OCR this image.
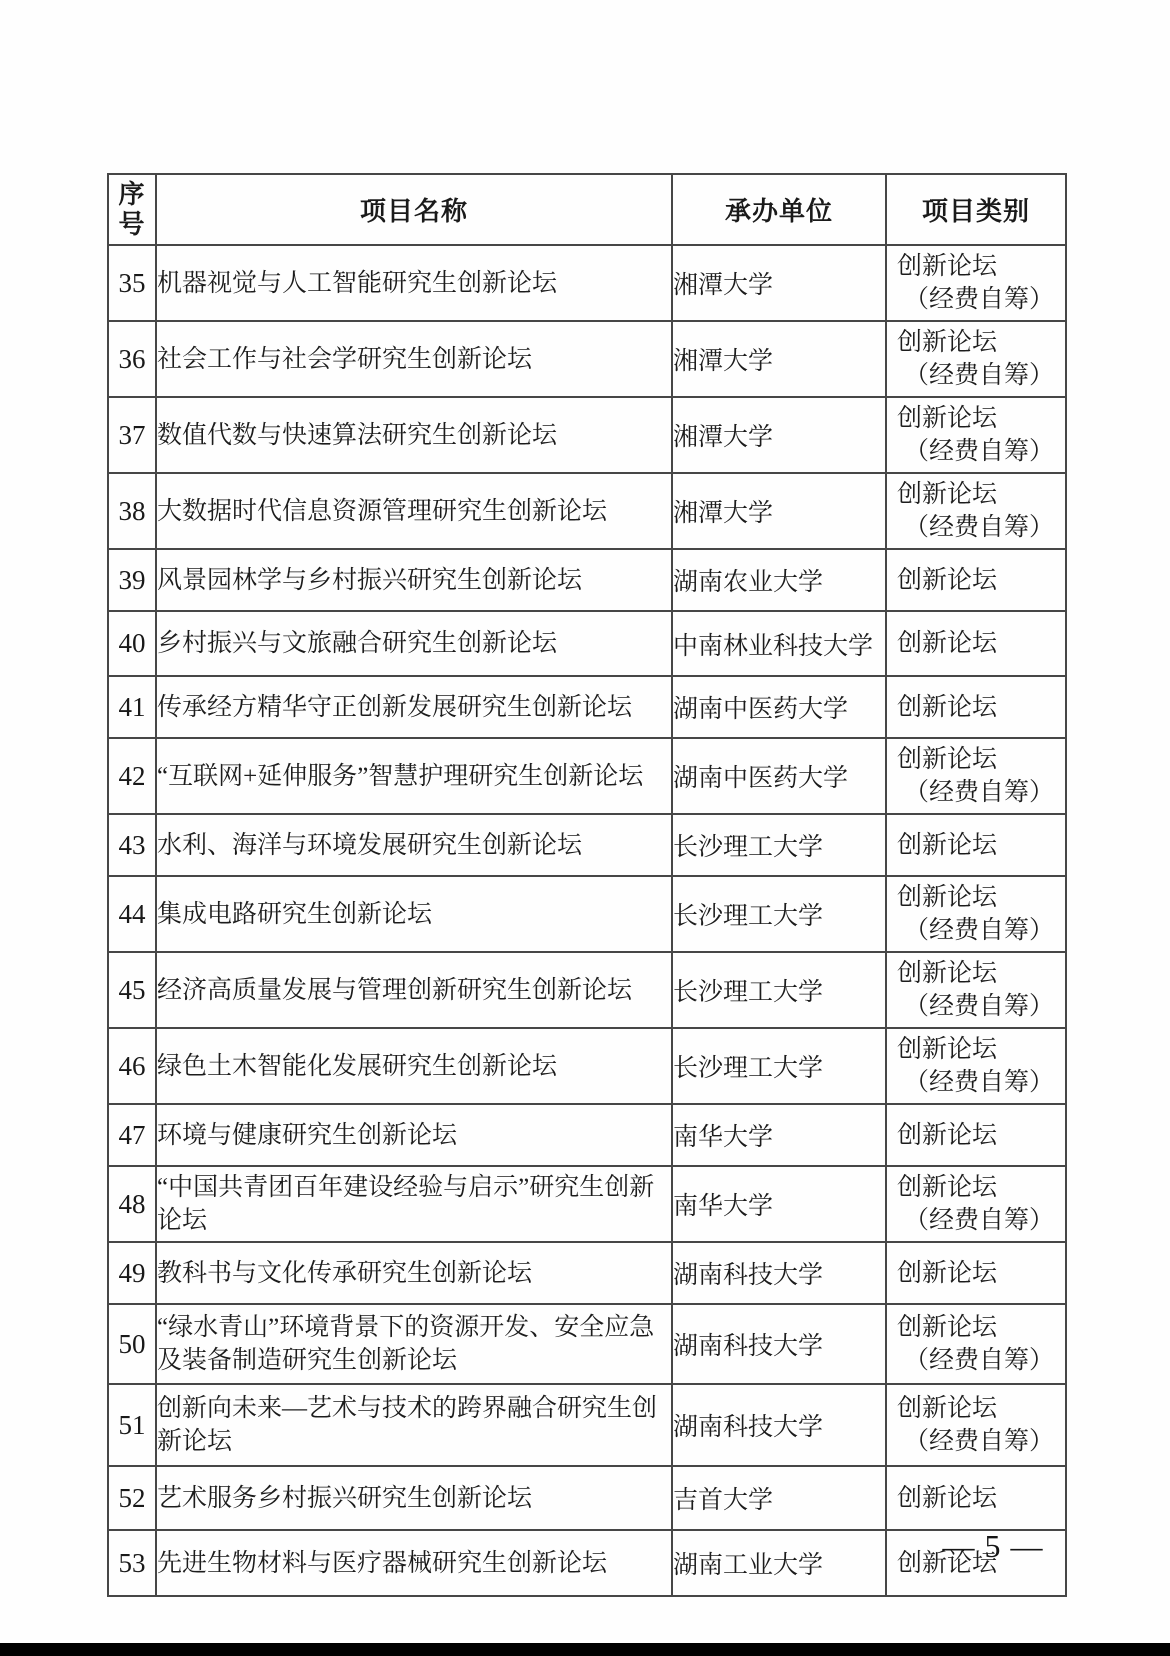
序号	项目名称	承办单位	项目类别
35	机器视觉与人工智能研究生创新论坛	湘潭大学	创新论坛
（经费自筹）

36	社会工作与社会学研究生创新论坛	湘潭大学	创新论坛
（经费自筹）

37	数值代数与快速算法研究生创新论坛	湘潭大学	创新论坛
（经费自筹）

38	大数据时代信息资源管理研究生创新论坛	湘潭大学	创新论坛
（经费自筹）

39	风景园林学与乡村振兴研究生创新论坛	湖南农业大学	创新论坛

40	乡村振兴与文旅融合研究生创新论坛	中南林业科技大学	创新论坛

41	传承经方精华守正创新发展研究生创新论坛	湖南中医药大学	创新论坛

42	“互联网+延伸服务”智慧护理研究生创新论坛	湖南中医药大学	创新论坛
（经费自筹）

43	水利、海洋与环境发展研究生创新论坛	长沙理工大学	创新论坛

44	集成电路研究生创新论坛	长沙理工大学	创新论坛
（经费自筹）

45	经济高质量发展与管理创新研究生创新论坛	长沙理工大学	创新论坛
（经费自筹）

46	绿色土木智能化发展研究生创新论坛	长沙理工大学	创新论坛
（经费自筹）

47	环境与健康研究生创新论坛	南华大学	创新论坛

48	“中国共青团百年建设经验与启示”研究生创新论坛	南华大学	创新论坛
（经费自筹）

49	教科书与文化传承研究生创新论坛	湖南科技大学	创新论坛

50	“绿水青山”环境背景下的资源开发、安全应急及装备制造研究生创新论坛	湖南科技大学	创新论坛
（经费自筹）

51	创新向未来—艺术与技术的跨界融合研究生创新论坛	湖南科技大学	创新论坛
（经费自筹）

52	艺术服务乡村振兴研究生创新论坛	吉首大学	创新论坛

53	先进生物材料与医疗器械研究生创新论坛	湖南工业大学	创新论坛
— 5 —
